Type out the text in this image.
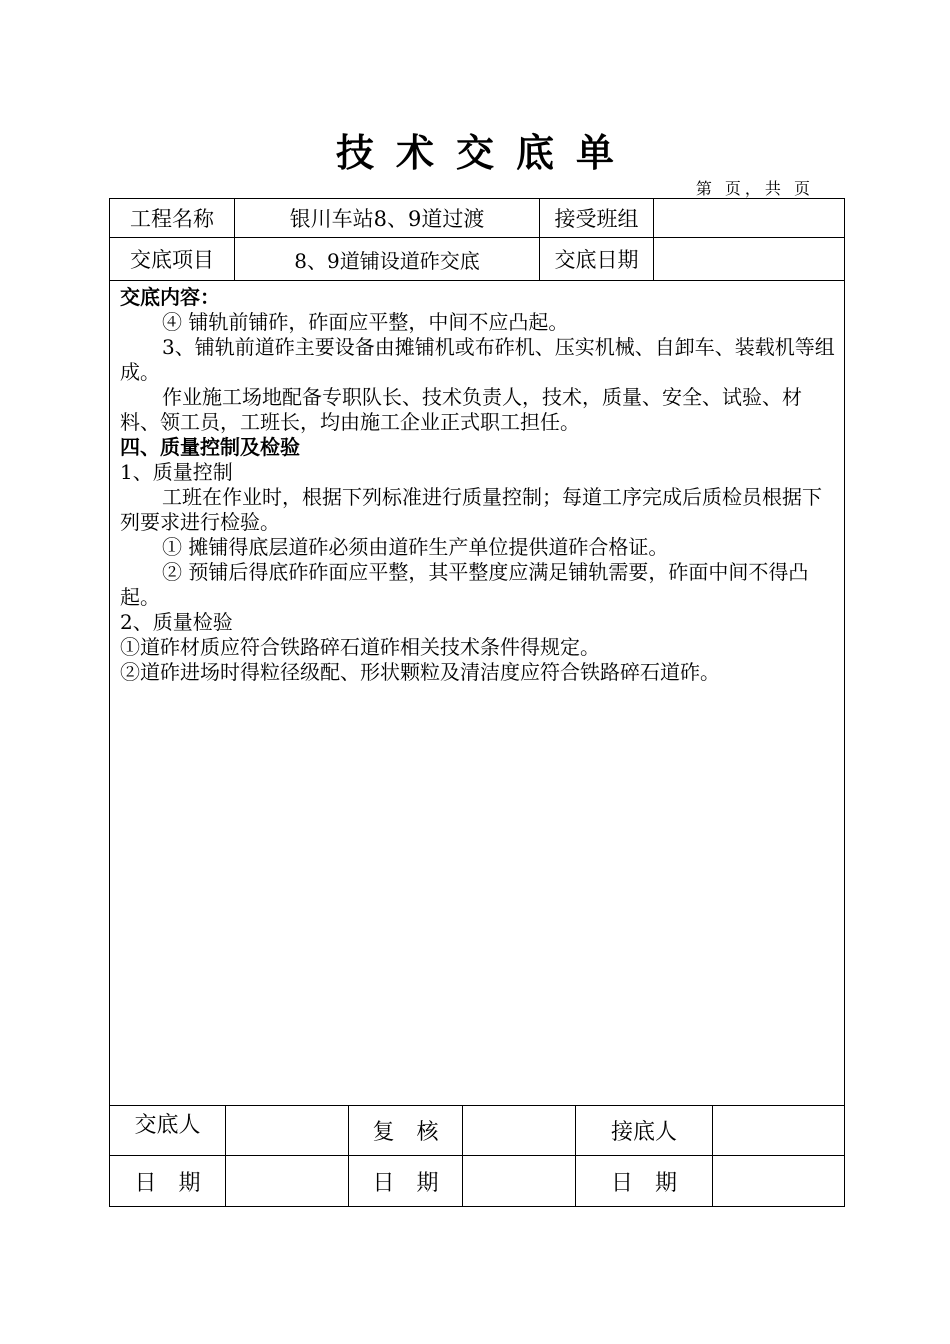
技术交底单
第 页，共 页
工程名称	银川车站8、9道过渡	接受班组
交底项目	8、9道铺设道砟交底	交底日期

交底内容：

④ 铺轨前铺砟，砟面应平整，中间不应凸起。

3、铺轨前道砟主要设备由摊铺机或布砟机、压实机械、自卸车、装载机等组成。

作业施工场地配备专职队长、技术负责人，技术，质量、安全、试验、材料、领工员，工班长，均由施工企业正式职工担任。

四、质量控制及检验

1、质量控制

工班在作业时，根据下列标准进行质量控制；每道工序完成后质检员根据下列要求进行检验。

① 摊铺得底层道砟必须由道砟生产单位提供道砟合格证。

② 预铺后得底砟砟面应平整，其平整度应满足铺轨需要，砟面中间不得凸起。

2、质量检验

①道砟材质应符合铁路碎石道砟相关技术条件得规定。

②道砟进场时得粒径级配、形状颗粒及清洁度应符合铁路碎石道砟。

交底人	复　核	接底人
日　期	日　期	日　期
